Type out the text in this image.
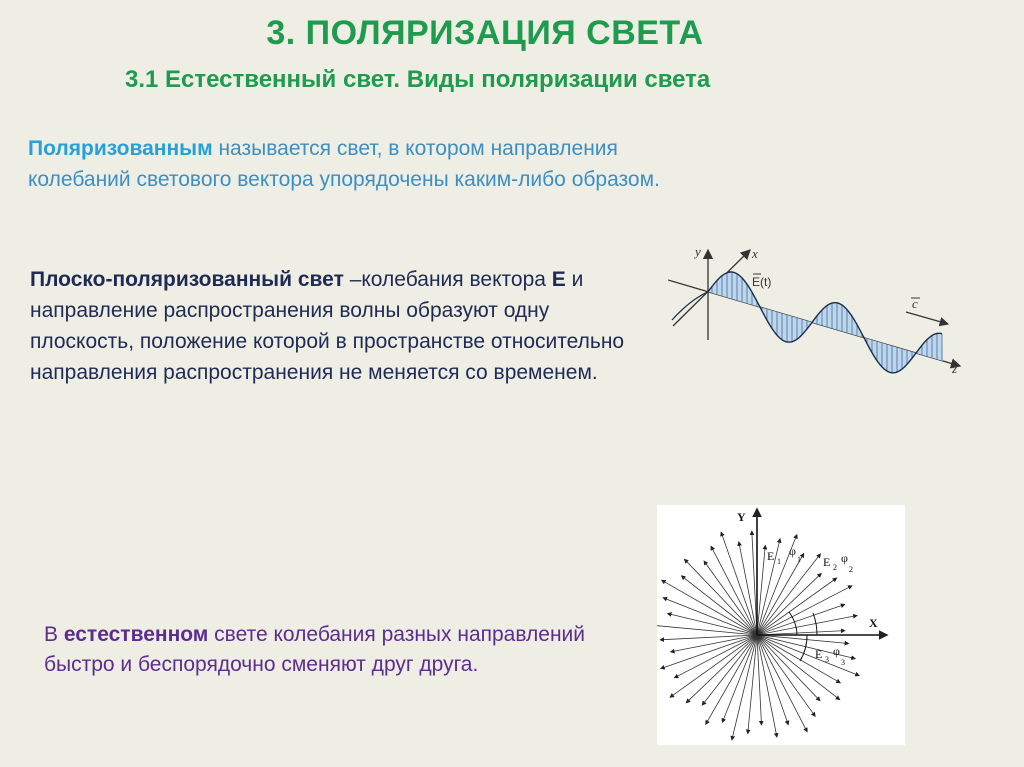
3. ПОЛЯРИЗАЦИЯ СВЕТА
3.1 Естественный свет. Виды поляризации света
Поляризованным называется свет, в котором направления колебаний светового вектора упорядочены каким-либо образом.
Плоско-поляризованный свет –колебания вектора E и направление распространения волны образуют одну плоскость, положение которой в пространстве относительно направления распространения не меняется со временем.
y	x
z
c
E(t)
Y
X
E 1
φ
1 E 2
φ
2
E 3
φ
3
В естественном свете колебания разных направлений быстро и беспорядочно сменяют друг друга.
